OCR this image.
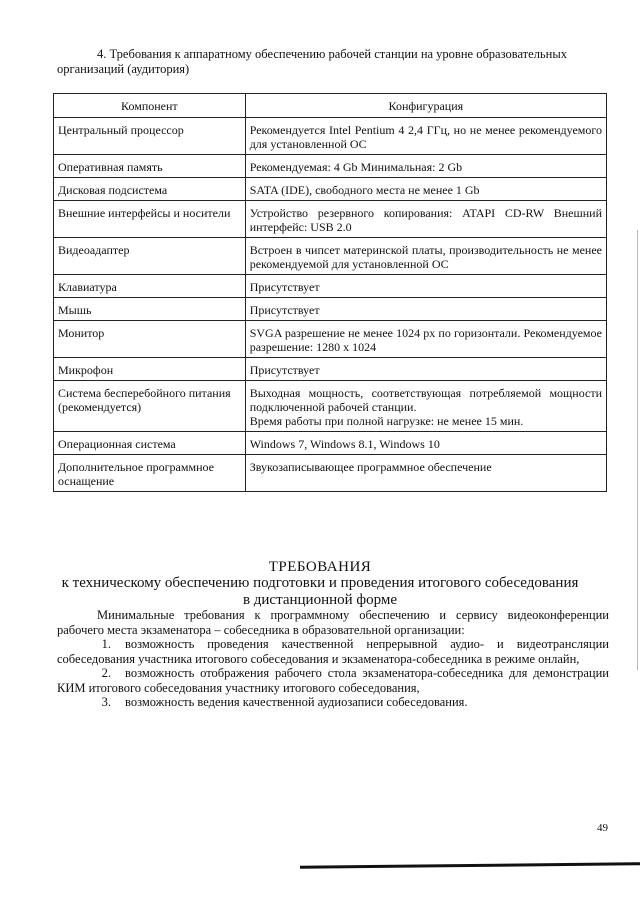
4. Требования к аппаратному обеспечению рабочей станции на уровне образовательных
организаций (аудитория)
Компонент	Конфигурация
Центральный процессор	Рекомендуется Intel Pentium 4 2,4 ГГц, но не менее рекомендуемого для установленной ОС
Оперативная память	Рекомендуемая: 4 Gb Минимальная: 2 Gb
Дисковая подсистема	SATA (IDE), свободного места не менее 1 Gb
Внешние интерфейсы и носители	Устройство резервного копирования: ATAPI CD-RW Внешний интерфейс: USB 2.0
Видеоадаптер	Встроен в чипсет материнской платы, производительность не менее рекомендуемой для установленной ОС
Клавиатура	Присутствует
Мышь	Присутствует
Монитор	SVGA разрешение не менее 1024 px по горизонтали. Рекомендуемое разрешение: 1280 x 1024
Микрофон	Присутствует
Система бесперебойного питания (рекомендуется)	Выходная мощность, соответствующая потребляемой мощности подключенной рабочей станции.
Время работы при полной нагрузке: не менее 15 мин.
Операционная система	Windows 7, Windows 8.1, Windows 10
Дополнительное программное оснащение	Звукозаписывающее программное обеспечение
ТРЕБОВАНИЯ
к техническому обеспечению подготовки и проведения итогового собеседования
в дистанционной форме

Минимальные требования к программному обеспечению и сервису видеоконференции рабочего места экзаменатора – собеседника в образовательной организации:

1. возможность проведения качественной непрерывной аудио- и видеотрансляции собеседования участника итогового собеседования и экзаменатора-собеседника в режиме онлайн,

2. возможность отображения рабочего стола экзаменатора-собеседника для демонстрации КИМ итогового собеседования участнику итогового собеседования,

3. возможность ведения качественной аудиозаписи собеседования.

49
